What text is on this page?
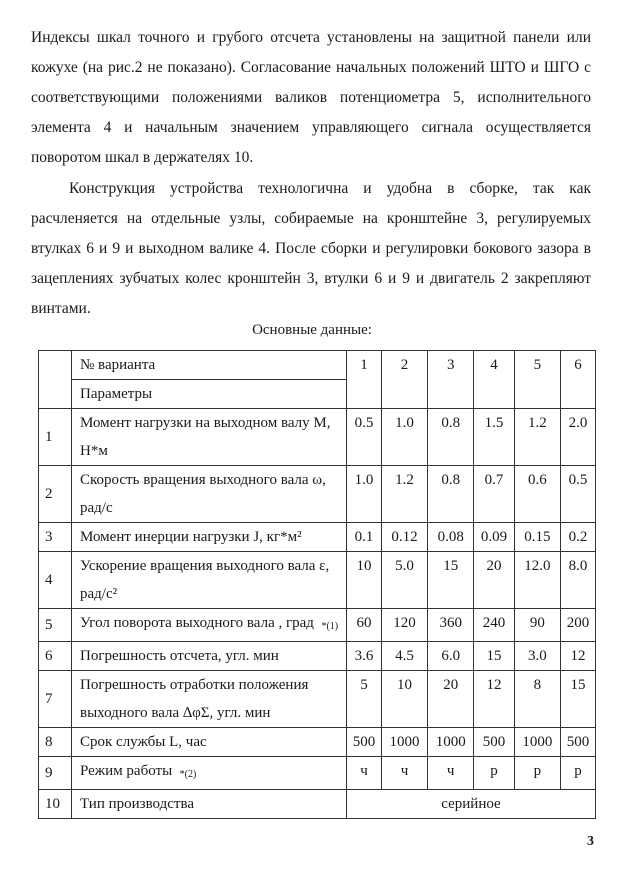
Индексы шкал точного и грубого отсчета установлены на защитной панели или кожухе (на рис.2 не показано). Согласование начальных положений ШТО и ШГО с соответствующими положениями валиков потенциометра 5, исполнительного элемента 4 и начальным значением управляющего сигнала осуществляется поворотом шкал в держателях 10.

Конструкция устройства технологична и удобна в сборке, так как расчленяется на отдельные узлы, собираемые на кронштейне 3, регулируемых втулках 6 и 9 и выходном валике 4. После сборки и регулировки бокового зазора в зацеплениях зубчатых колес кронштейн 3, втулки 6 и 9 и двигатель 2 закрепляют винтами.

Основные данные:
	№ варианта	1	2	3	4	5	6
	Параметры						
1	Момент нагрузки на выходном валу М, Н*м	0.5	1.0	0.8	1.5	1.2	2.0
2	Скорость вращения выходного вала ω, рад/с	1.0	1.2	0.8	0.7	0.6	0.5
3	Момент инерции нагрузки J, кг*м²	0.1	0.12	0.08	0.09	0.15	0.2
4	Ускорение вращения выходного вала ε, рад/с²	10	5.0	15	20	12.0	8.0
5	Угол поворота выходного вала , град $_{*(1)}$	60	120	360	240	90	200
6	Погрешность отсчета, угл. мин	3.6	4.5	6.0	15	3.0	12
7	Погрешность отработки положения выходного вала ∆φΣ, угл. мин	5	10	20	12	8	15
8	Срок службы L, час	500	1000	1000	500	1000	500
9	Режим работы $_{*(2)}$	ч	ч	ч	р	р	р
10	Тип производства	серийное					
3
